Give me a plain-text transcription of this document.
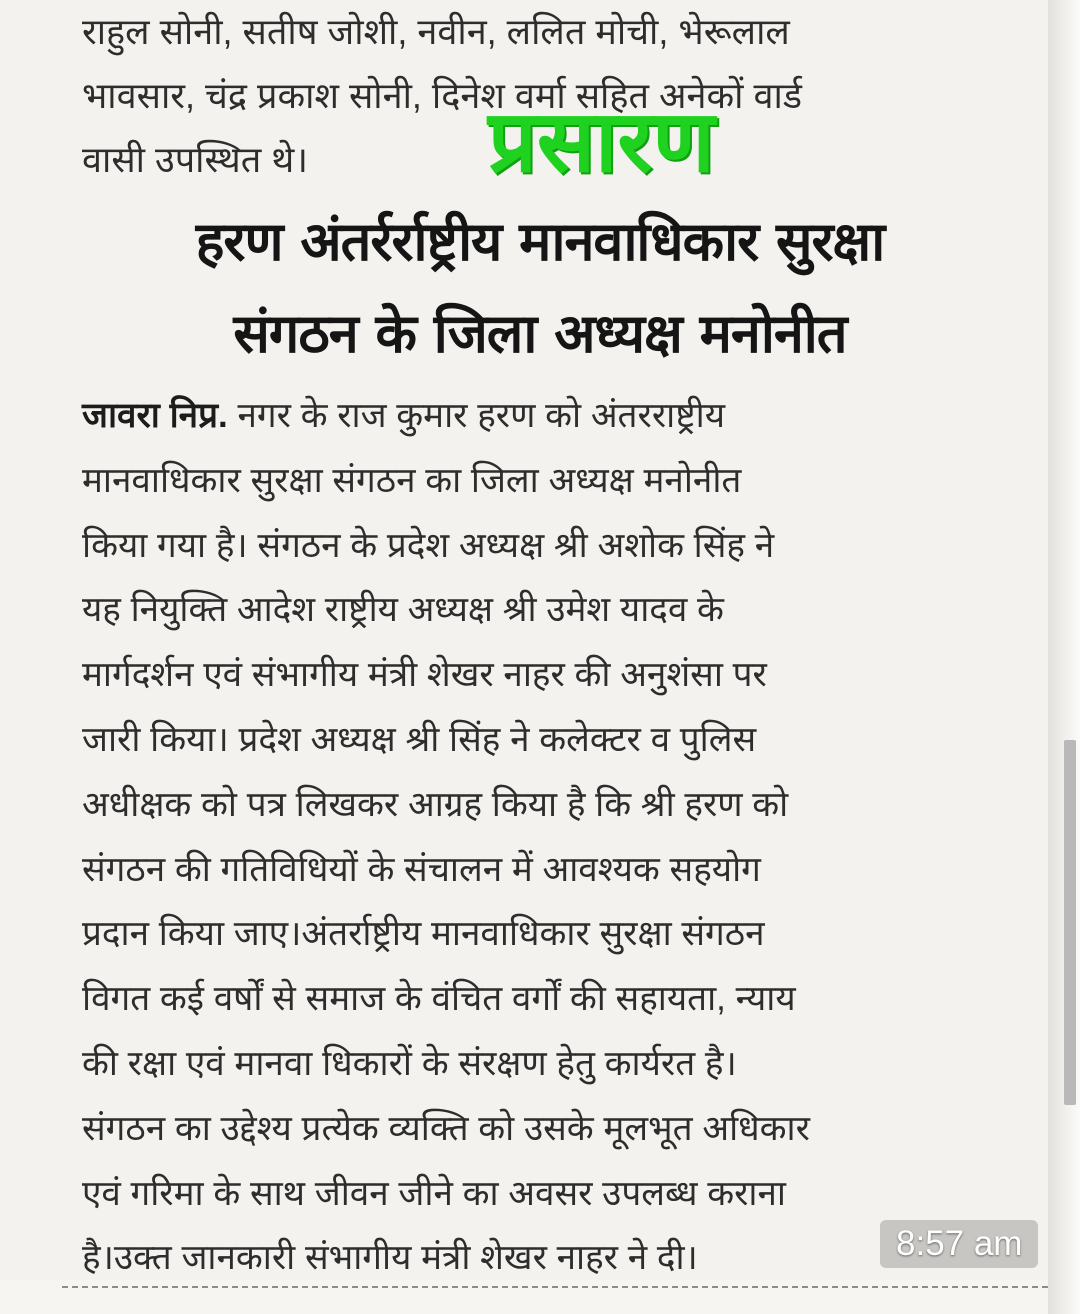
राहुल सोनी, सतीष जोशी, नवीन, ललित मोची, भेरूलाल
भावसार, चंद्र प्रकाश सोनी, दिनेश वर्मा सहित अनेकों वार्ड
वासी उपस्थित थे।	प्रसारण
हरण अंतर्रर्राष्ट्रीय मानवाधिकार सुरक्षा
संगठन के जिला अध्यक्ष मनोनीत
जावरा निप्र. नगर के राज कुमार हरण को अंतरराष्ट्रीय
मानवाधिकार सुरक्षा संगठन का जिला अध्यक्ष मनोनीत
किया गया है। संगठन के प्रदेश अध्यक्ष श्री अशोक सिंह ने
यह नियुक्ति आदेश राष्ट्रीय अध्यक्ष श्री उमेश यादव के
मार्गदर्शन एवं संभागीय मंत्री शेखर नाहर की अनुशंसा पर
जारी किया। प्रदेश अध्यक्ष श्री सिंह ने कलेक्टर व पुलिस
अधीक्षक को पत्र लिखकर आग्रह किया है कि श्री हरण को
संगठन की गतिविधियों के संचालन में आवश्यक सहयोग
प्रदान किया जाए।अंतर्राष्ट्रीय मानवाधिकार सुरक्षा संगठन
विगत कई वर्षों से समाज के वंचित वर्गों की सहायता, न्याय
की रक्षा एवं मानवा धिकारों के संरक्षण हेतु कार्यरत है।
संगठन का उद्देश्य प्रत्येक व्यक्ति को उसके मूलभूत अधिकार
एवं गरिमा के साथ जीवन जीने का अवसर उपलब्ध कराना
है।उक्त जानकारी संभागीय मंत्री शेखर नाहर ने दी।	8:57 am
